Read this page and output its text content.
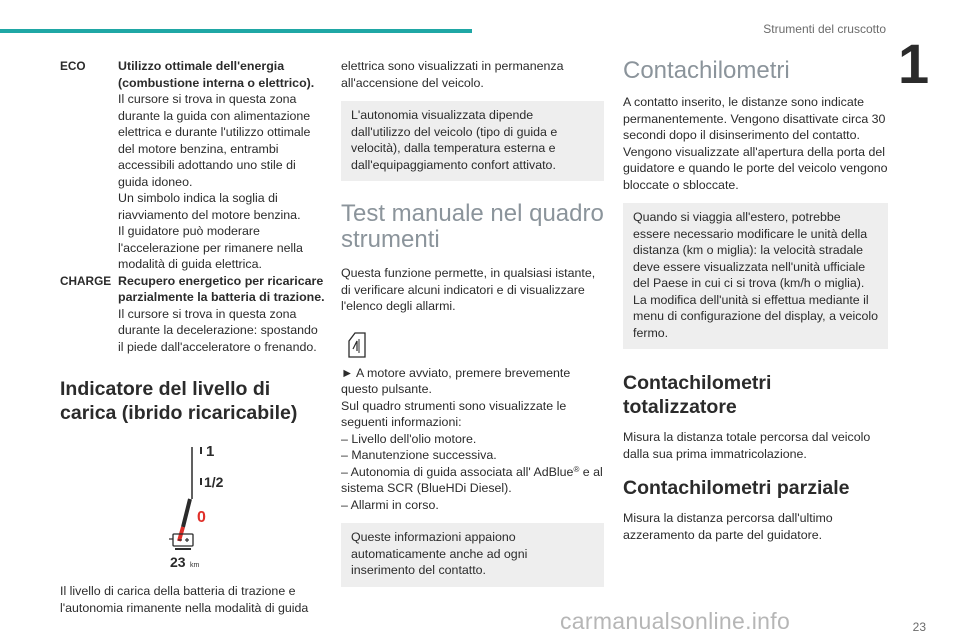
Strumenti del cruscotto
1
ECO	Utilizzo ottimale dell'energia (combustione interna o elettrico).

Il cursore si trova in questa zona durante la guida con alimentazione elettrica e durante l'utilizzo ottimale del motore benzina, entrambi accessibili adottando uno stile di guida idoneo.

Un simbolo indica la soglia di riavviamento del motore benzina.

Il guidatore può moderare l'accelerazione per rimanere nella modalità di guida elettrica.

CHARGE Recupero energetico per ricaricare parzialmente la batteria di trazione.

Il cursore si trova in questa zona durante la decelerazione: spostando il piede dall'acceleratore o frenando.

Indicatore del livello di carica (ibrido ricaricabile)
1
1/2
0
23 km

Il livello di carica della batteria di trazione e l'autonomia rimanente nella modalità di guida

elettrica sono visualizzati in permanenza all'accensione del veicolo.

L'autonomia visualizzata dipende dall'utilizzo del veicolo (tipo di guida e velocità), dalla temperatura esterna e dall'equipaggiamento confort attivato.

Test manuale nel quadro strumenti

Questa funzione permette, in qualsiasi istante, di verificare alcuni indicatori e di visualizzare l'elenco degli allarmi.

► A motore avviato, premere brevemente questo pulsante.

Sul quadro strumenti sono visualizzate le seguenti informazioni:

– Livello dell'olio motore.

– Manutenzione successiva.

– Autonomia di guida associata all' AdBlue® e al sistema SCR (BlueHDi Diesel).

– Allarmi in corso.

Queste informazioni appaiono automaticamente anche ad ogni inserimento del contatto.

Contachilometri

A contatto inserito, le distanze sono indicate permanentemente. Vengono disattivate circa 30 secondi dopo il disinserimento del contatto. Vengono visualizzate all'apertura della porta del guidatore e quando le porte del veicolo vengono bloccate o sbloccate.

Quando si viaggia all'estero, potrebbe essere necessario modificare le unità della distanza (km o miglia): la velocità stradale deve essere visualizzata nell'unità ufficiale del Paese in cui ci si trova (km/h o miglia).

La modifica dell'unità si effettua mediante il menu di configurazione del display, a veicolo fermo.

Contachilometri totalizzatore

Misura la distanza totale percorsa dal veicolo dalla sua prima immatricolazione.

Contachilometri parziale

Misura la distanza percorsa dall'ultimo azzeramento da parte del guidatore.

23
carmanualsonline.info
